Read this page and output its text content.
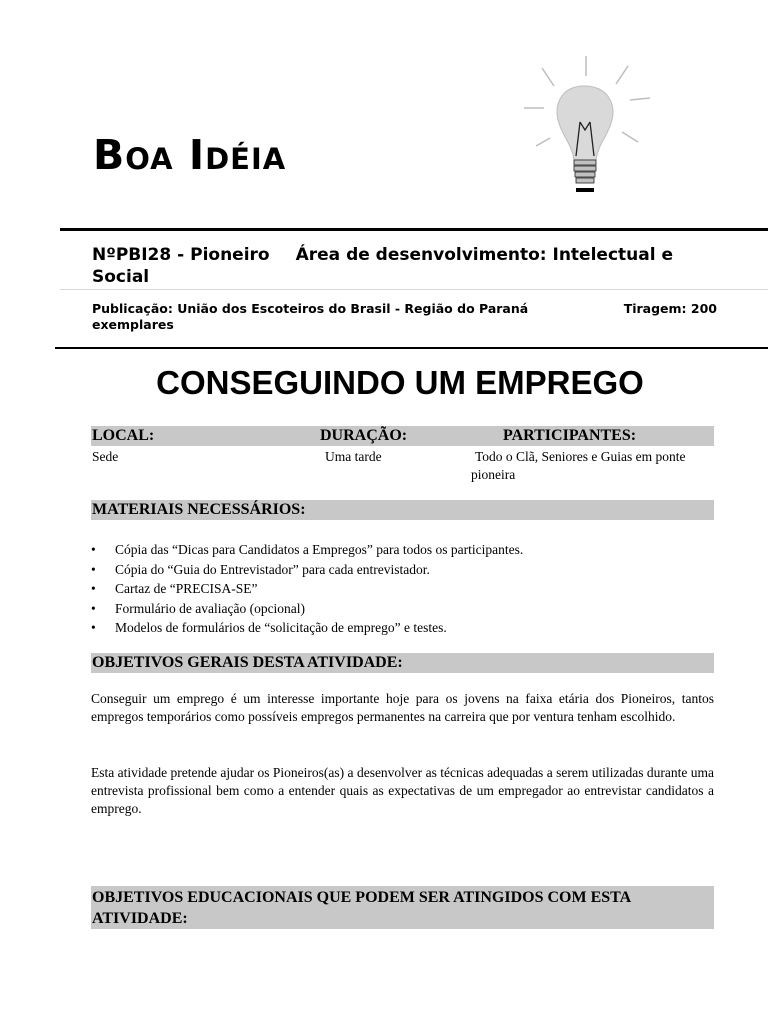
Boa Idéia
NºPBI28 - Pioneiro Área de desenvolvimento: Intelectual e Social
Tiragem: 200
exemplares
CONSEGUINDO UM EMPREGO
LOCAL:	DURAÇÃO:	PARTICIPANTES:
Sede	Uma tarde	Todo o Clã, Seniores e Guias em ponte pioneira
MATERIAIS NECESSÁRIOS:
• Cópia das “Dicas para Candidatos a Empregos” para todos os participantes.
• Cópia do “Guia do Entrevistador” para cada entrevistador.
• Cartaz de “PRECISA-SE”
• Formulário de avaliação (opcional)
• Modelos de formulários de “solicitação de emprego” e testes.
OBJETIVOS GERAIS DESTA ATIVIDADE:

Conseguir um emprego é um interesse importante hoje para os jovens na faixa etária dos Pioneiros, tantos empregos temporários como possíveis empregos permanentes na carreira que por ventura tenham escolhido.

Esta atividade pretende ajudar os Pioneiros(as) a desenvolver as técnicas adequadas a serem utilizadas durante uma entrevista profissional bem como a entender quais as expectativas de um empregador ao entrevistar candidatos a emprego.

OBJETIVOS EDUCACIONAIS QUE PODEM SER ATINGIDOS COM ESTA ATIVIDADE:
Publicação: União dos Escoteiros do Brasil - Região do Paraná
